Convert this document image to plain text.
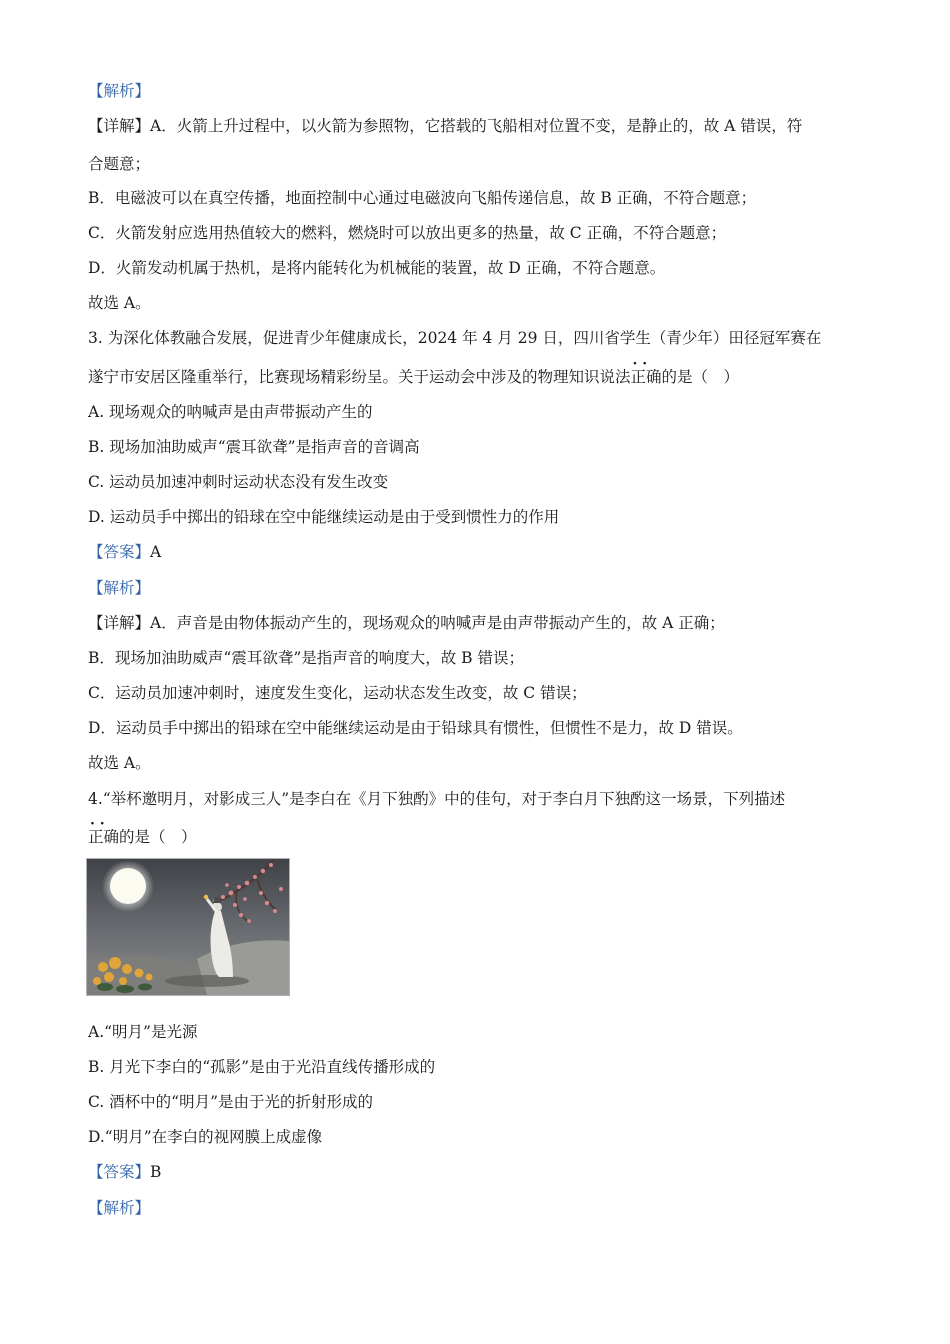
【解析】
【详解】A．火箭上升过程中，以火箭为参照物，它搭载的飞船相对位置不变，是静止的，故 A 错误，符
合题意；
B．电磁波可以在真空传播，地面控制中心通过电磁波向飞船传递信息，故 B 正确，不符合题意；
C．火箭发射应选用热值较大的燃料，燃烧时可以放出更多的热量，故 C 正确，不符合题意；
D．火箭发动机属于热机，是将内能转化为机械能的装置，故 D 正确，不符合题意。
故选 A。
3. 为深化体教融合发展，促进青少年健康成长，2024 年 4 月 29 日，四川省学生（青少年）田径冠军赛在
遂宁市安居区隆重举行，比赛现场精彩纷呈。关于运动会中涉及的物理知识说法· · 正确的是（　）
A. 现场观众的呐喊声是由声带振动产生的
B. 现场加油助威声“震耳欲聋”是指声音的音调高
C. 运动员加速冲刺时运动状态没有发生改变
D. 运动员手中掷出的铅球在空中能继续运动是由于受到惯性力的作用
【答案】A
【解析】
【详解】A．声音是由物体振动产生的，现场观众的呐喊声是由声带振动产生的，故 A 正确；
B．现场加油助威声“震耳欲聋”是指声音的响度大，故 B 错误；
C．运动员加速冲刺时，速度发生变化，运动状态发生改变，故 C 错误；
D．运动员手中掷出的铅球在空中能继续运动是由于铅球具有惯性，但惯性不是力，故 D 错误。
故选 A。
4.“举杯邀明月，对影成三人”是李白在《月下独酌》中的佳句，对于李白月下独酌这一场景，下列描述
· · 正确的是（　）
A.“明月”是光源
B. 月光下李白的“孤影”是由于光沿直线传播形成的
C. 酒杯中的“明月”是由于光的折射形成的
D.“明月”在李白的视网膜上成虚像
【答案】B
【解析】
